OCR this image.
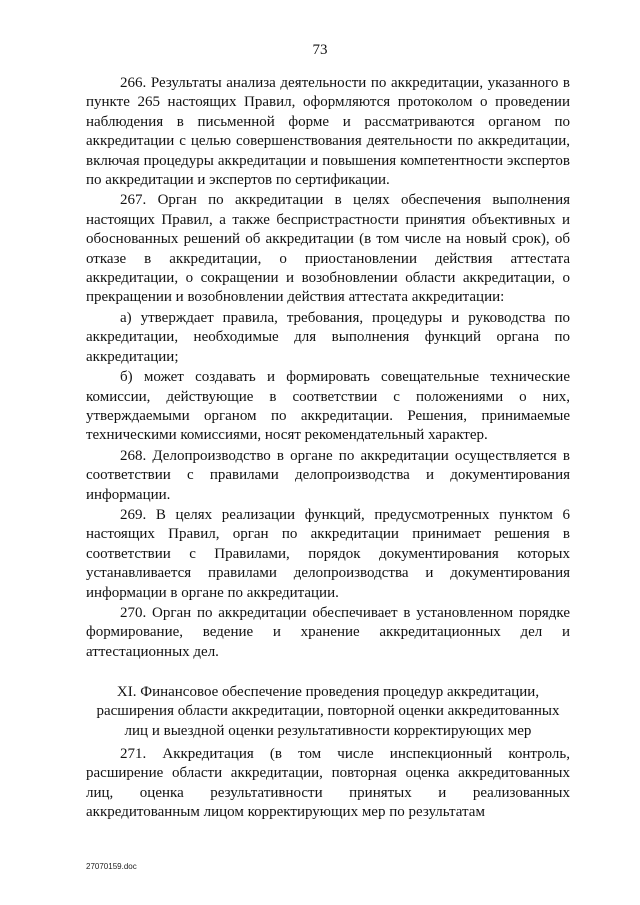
73

266. Результаты анализа деятельности по аккредитации, указанного в пункте 265 настоящих Правил, оформляются протоколом о проведении наблюдения в письменной форме и рассматриваются органом по аккредитации с целью совершенствования деятельности по аккредитации, включая процедуры аккредитации и повышения компетентности экспертов по аккредитации и экспертов по сертификации.

267. Орган по аккредитации в целях обеспечения выполнения настоящих Правил, а также беспристрастности принятия объективных и обоснованных решений об аккредитации (в том числе на новый срок), об отказе в аккредитации, о приостановлении действия аттестата аккредитации, о сокращении и возобновлении области аккредитации, о прекращении и возобновлении действия аттестата аккредитации:

а) утверждает правила, требования, процедуры и руководства по аккредитации, необходимые для выполнения функций органа по аккредитации;

б) может создавать и формировать совещательные технические комиссии, действующие в соответствии с положениями о них, утверждаемыми органом по аккредитации. Решения, принимаемые техническими комиссиями, носят рекомендательный характер.

268. Делопроизводство в органе по аккредитации осуществляется в соответствии с правилами делопроизводства и документирования информации.

269. В целях реализации функций, предусмотренных пунктом 6 настоящих Правил, орган по аккредитации принимает решения в соответствии с Правилами, порядок документирования которых устанавливается правилами делопроизводства и документирования информации в органе по аккредитации.

270. Орган по аккредитации обеспечивает в установленном порядке формирование, ведение и хранение аккредитационных дел и аттестационных дел.

XI. Финансовое обеспечение проведения процедур аккредитации, расширения области аккредитации, повторной оценки аккредитованных лиц и выездной оценки результативности корректирующих мер

271. Аккредитация (в том числе инспекционный контроль, расширение области аккредитации, повторная оценка аккредитованных лиц, оценка результативности принятых и реализованных аккредитованным лицом корректирующих мер по результатам

27070159.doc
